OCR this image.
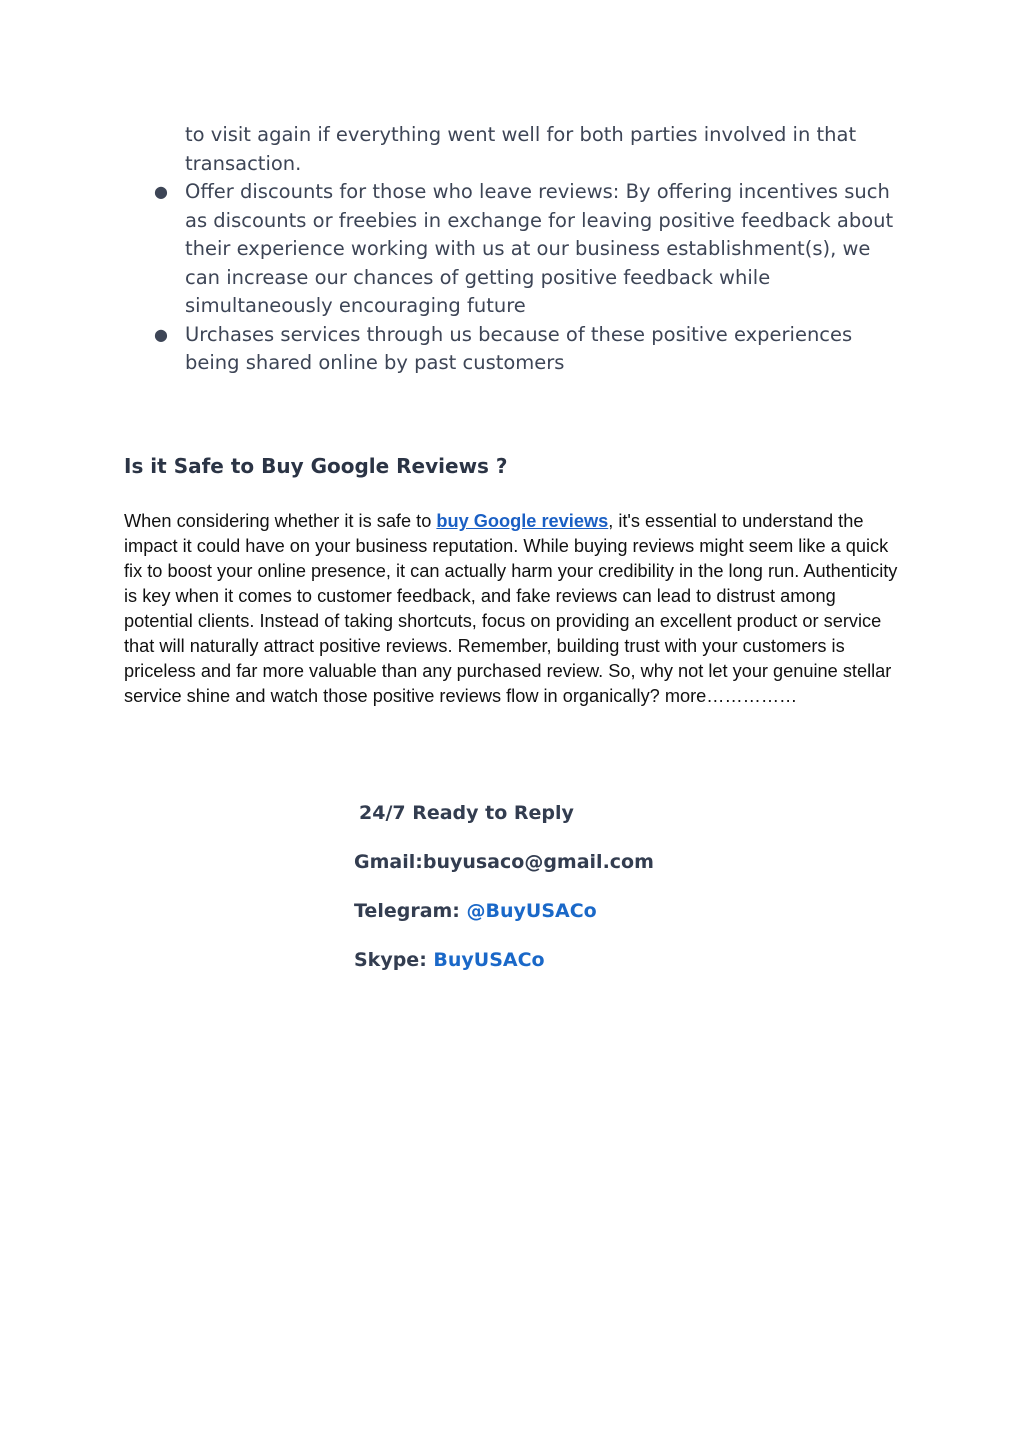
to visit again if everything went well for both parties involved in that transaction.
● Offer discounts for those who leave reviews: By offering incentives such as discounts or freebies in exchange for leaving positive feedback about their experience working with us at our business establishment(s), we can increase our chances of getting positive feedback while simultaneously encouraging future
● Urchases services through us because of these positive experiences being shared online by past customers
Is it Safe to Buy Google Reviews ?

When considering whether it is safe to buy Google reviews, it's essential to understand the impact it could have on your business reputation. While buying reviews might seem like a quick fix to boost your online presence, it can actually harm your credibility in the long run. Authenticity is key when it comes to customer feedback, and fake reviews can lead to distrust among potential clients. Instead of taking shortcuts, focus on providing an excellent product or service that will naturally attract positive reviews. Remember, building trust with your customers is priceless and far more valuable than any purchased review. So, why not let your genuine stellar service shine and watch those positive reviews flow in organically? more……………

24/7 Ready to Reply
Gmail:buyusaco@gmail.com
Telegram: @BuyUSACo
Skype: BuyUSACo
